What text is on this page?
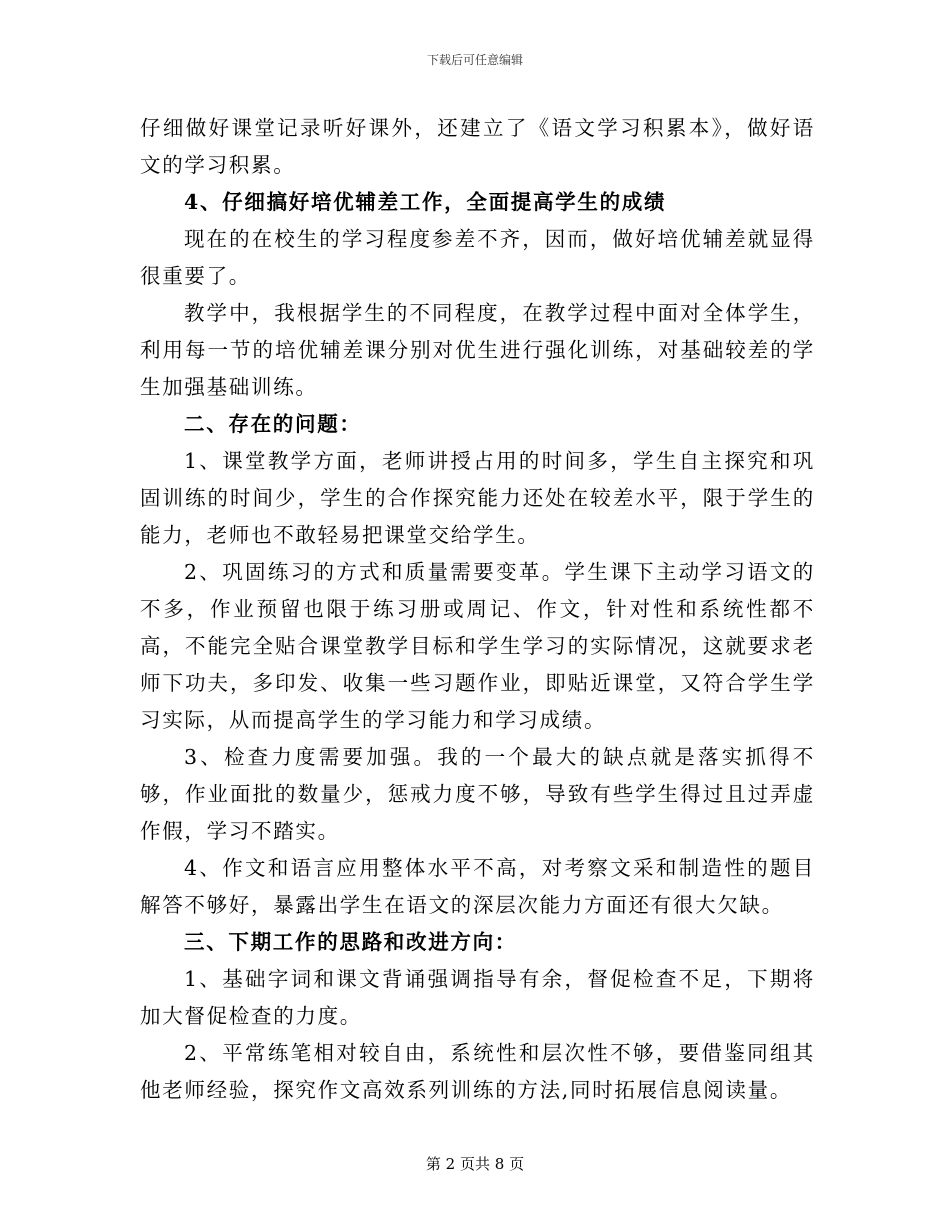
下载后可任意编辑

仔细做好课堂记录听好课外，还建立了《语文学习积累本》，做好语文的学习积累。

4、仔细搞好培优辅差工作，全面提高学生的成绩

现在的在校生的学习程度参差不齐，因而，做好培优辅差就显得很重要了。

教学中，我根据学生的不同程度，在教学过程中面对全体学生，利用每一节的培优辅差课分别对优生进行强化训练，对基础较差的学生加强基础训练。

二、存在的问题：

1、课堂教学方面，老师讲授占用的时间多，学生自主探究和巩固训练的时间少，学生的合作探究能力还处在较差水平，限于学生的能力，老师也不敢轻易把课堂交给学生。

2、巩固练习的方式和质量需要变革。学生课下主动学习语文的不多，作业预留也限于练习册或周记、作文，针对性和系统性都不高，不能完全贴合课堂教学目标和学生学习的实际情况，这就要求老师下功夫，多印发、收集一些习题作业，即贴近课堂，又符合学生学习实际，从而提高学生的学习能力和学习成绩。

3、检查力度需要加强。我的一个最大的缺点就是落实抓得不够，作业面批的数量少，惩戒力度不够，导致有些学生得过且过弄虚作假，学习不踏实。

4、作文和语言应用整体水平不高，对考察文采和制造性的题目解答不够好，暴露出学生在语文的深层次能力方面还有很大欠缺。

三、下期工作的思路和改进方向：

1、基础字词和课文背诵强调指导有余，督促检查不足，下期将加大督促检查的力度。

2、平常练笔相对较自由，系统性和层次性不够，要借鉴同组其他老师经验，探究作文高效系列训练的方法,同时拓展信息阅读量。

第 2 页共 8 页
